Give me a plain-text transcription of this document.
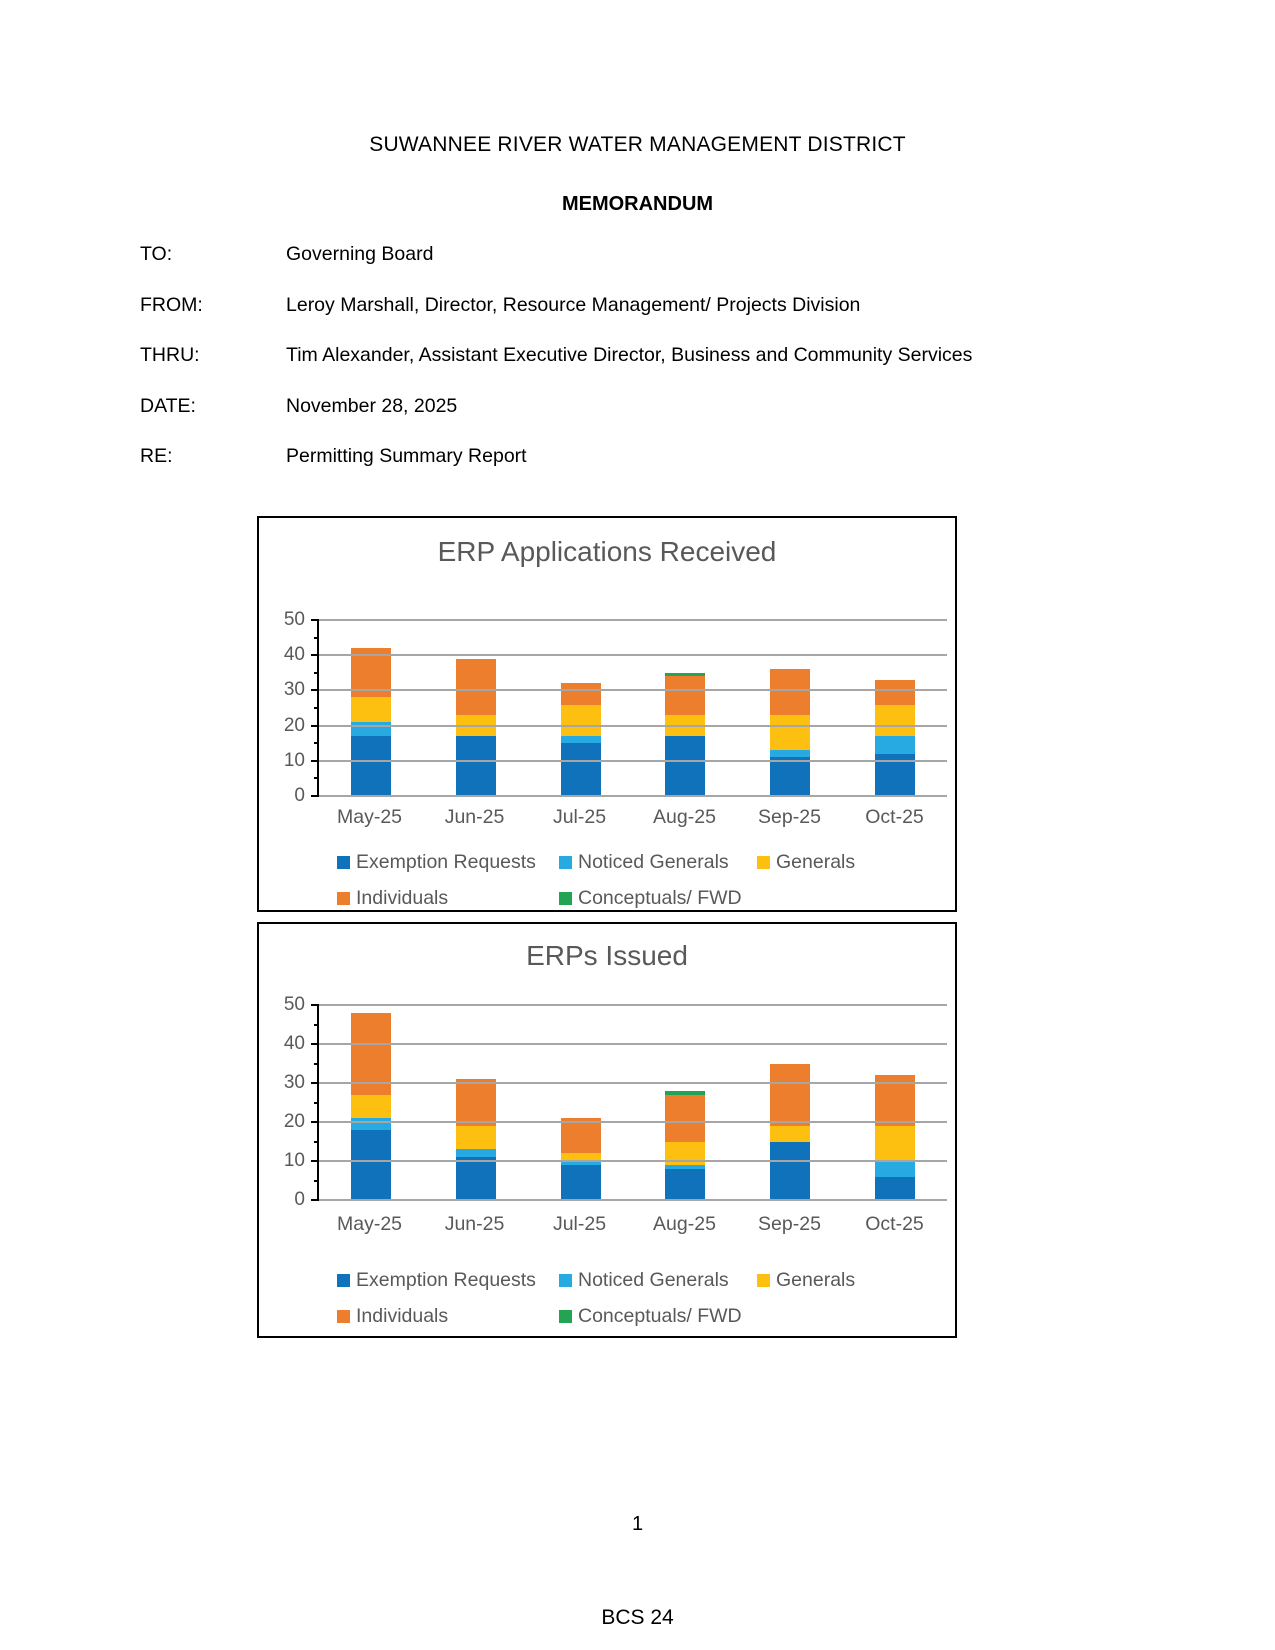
SUWANNEE RIVER WATER MANAGEMENT DISTRICT
MEMORANDUM
TO:	Governing Board
FROM:	Leroy Marshall, Director, Resource Management/ Projects Division
THRU:	Tim Alexander, Assistant Executive Director, Business and Community Services
DATE:	November 28, 2025
RE:	Permitting Summary Report
ERP Applications Received
0
10
20
30
40
50
May-25	Jun-25	Jul-25	Aug-25	Sep-25	Oct-25
Exemption Requests Noticed Generals Generals
Individuals	Conceptuals/ FWD
ERPs Issued
0
10
20
30
40
50
May-25	Jun-25	Jul-25	Aug-25	Sep-25	Oct-25
Exemption Requests Noticed Generals Generals
Individuals	Conceptuals/ FWD
1
BCS 24
